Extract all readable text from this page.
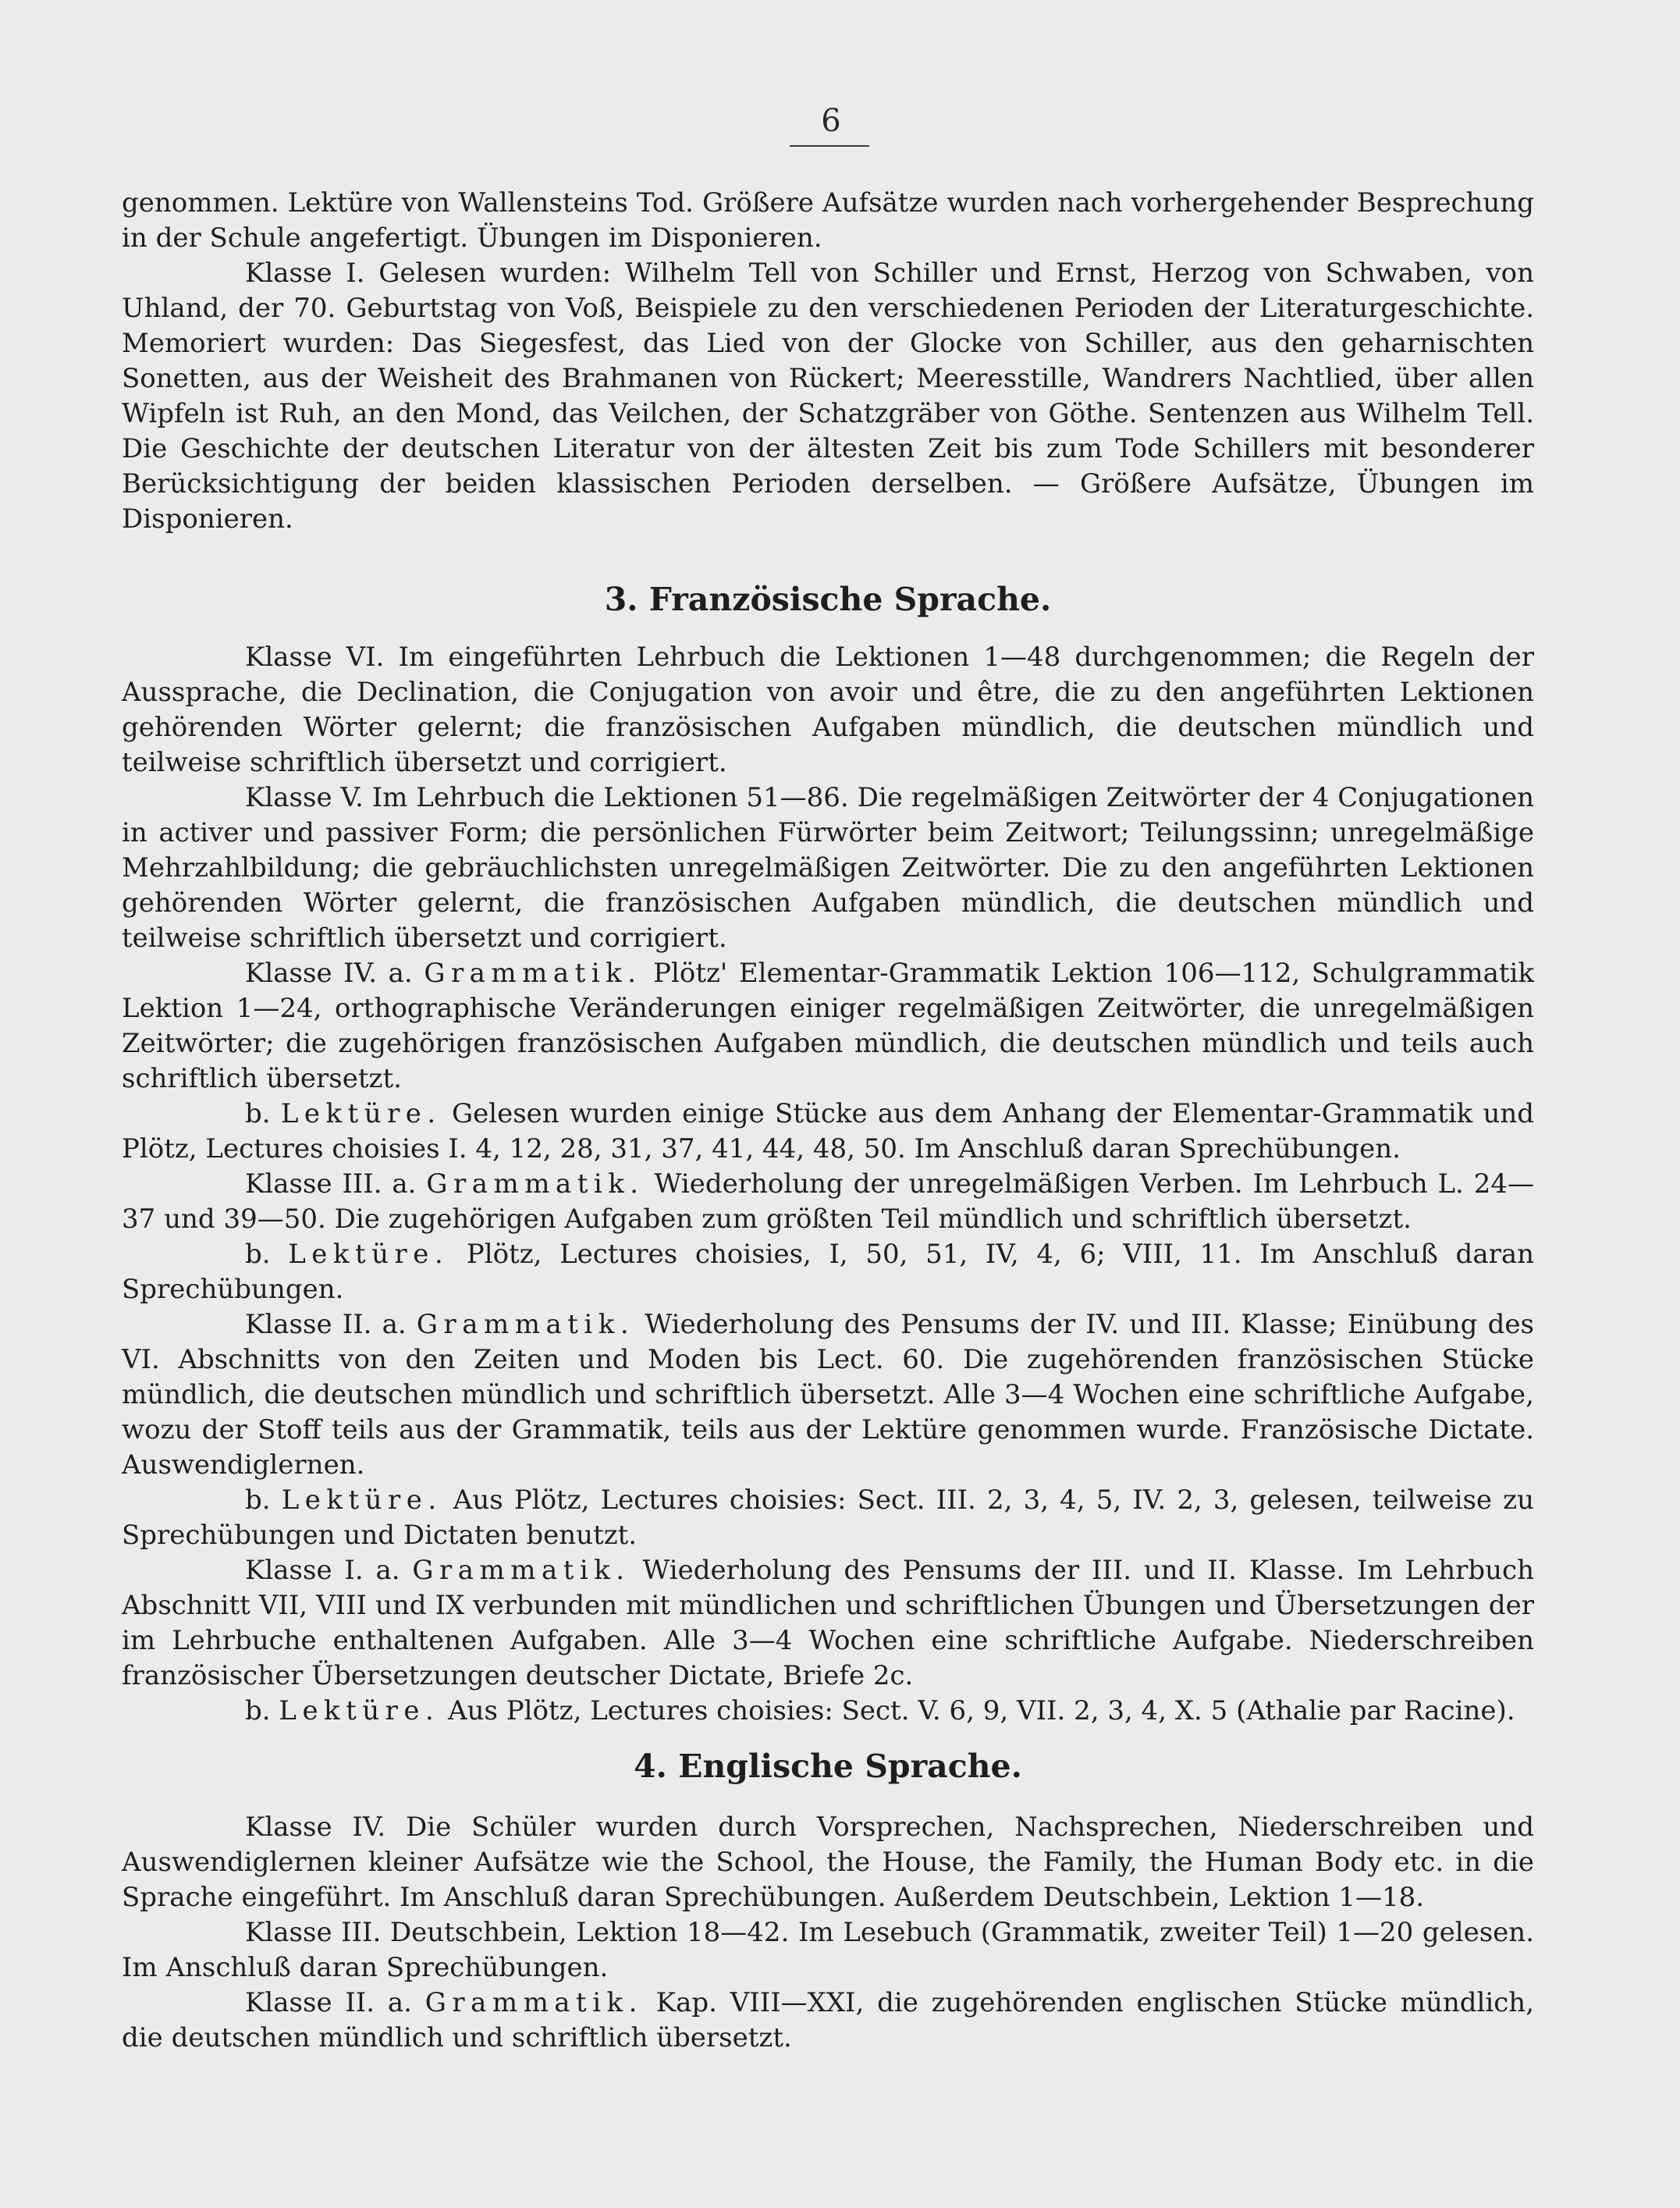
6

genommen. Lektüre von Wallensteins Tod. Größere Aufsätze wurden nach vorhergehender Besprechung in der Schule angefertigt. Übungen im Disponieren.

Klasse I. Gelesen wurden: Wilhelm Tell von Schiller und Ernst, Herzog von Schwaben, von Uhland, der 70. Geburtstag von Voß, Beispiele zu den verschiedenen Perioden der Literaturgeschichte. Memoriert wurden: Das Siegesfest, das Lied von der Glocke von Schiller, aus den geharnischten Sonetten, aus der Weisheit des Brahmanen von Rückert; Meeresstille, Wandrers Nachtlied, über allen Wipfeln ist Ruh, an den Mond, das Veilchen, der Schatzgräber von Göthe. Sentenzen aus Wilhelm Tell. Die Geschichte der deutschen Literatur von der ältesten Zeit bis zum Tode Schillers mit besonderer Berücksichtigung der beiden klassischen Perioden derselben. — Größere Aufsätze, Übungen im Disponieren.

3. Französische Sprache.

Klasse VI. Im eingeführten Lehrbuch die Lektionen 1—48 durchgenommen; die Regeln der Aussprache, die Declination, die Conjugation von avoir und être, die zu den angeführten Lektionen gehörenden Wörter gelernt; die französischen Aufgaben mündlich, die deutschen mündlich und teilweise schriftlich übersetzt und corrigiert.

Klasse V. Im Lehrbuch die Lektionen 51—86. Die regelmäßigen Zeitwörter der 4 Conjugationen in activer und passiver Form; die persönlichen Fürwörter beim Zeitwort; Teilungssinn; unregelmäßige Mehrzahlbildung; die gebräuchlichsten unregelmäßigen Zeitwörter. Die zu den angeführten Lektionen gehörenden Wörter gelernt, die französischen Aufgaben mündlich, die deutschen mündlich und teilweise schriftlich übersetzt und corrigiert.

Klasse IV. a. Grammatik. Plötz' Elementar-Grammatik Lektion 106—112, Schulgrammatik Lektion 1—24, orthographische Veränderungen einiger regelmäßigen Zeitwörter, die unregelmäßigen Zeitwörter; die zugehörigen französischen Aufgaben mündlich, die deutschen mündlich und teils auch schriftlich übersetzt.

b. Lektüre. Gelesen wurden einige Stücke aus dem Anhang der Elementar-Grammatik und Plötz, Lectures choisies I. 4, 12, 28, 31, 37, 41, 44, 48, 50. Im Anschluß daran Sprechübungen.

Klasse III. a. Grammatik. Wiederholung der unregelmäßigen Verben. Im Lehrbuch L. 24—37 und 39—50. Die zugehörigen Aufgaben zum größten Teil mündlich und schriftlich übersetzt.

b. Lektüre. Plötz, Lectures choisies, I, 50, 51, IV, 4, 6; VIII, 11. Im Anschluß daran Sprechübungen.

Klasse II. a. Grammatik. Wiederholung des Pensums der IV. und III. Klasse; Einübung des VI. Abschnitts von den Zeiten und Moden bis Lect. 60. Die zugehörenden französischen Stücke mündlich, die deutschen mündlich und schriftlich übersetzt. Alle 3—4 Wochen eine schriftliche Aufgabe, wozu der Stoff teils aus der Grammatik, teils aus der Lektüre genommen wurde. Französische Dictate. Auswendiglernen.

b. Lektüre. Aus Plötz, Lectures choisies: Sect. III. 2, 3, 4, 5, IV. 2, 3, gelesen, teilweise zu Sprechübungen und Dictaten benutzt.

Klasse I. a. Grammatik. Wiederholung des Pensums der III. und II. Klasse. Im Lehrbuch Abschnitt VII, VIII und IX verbunden mit mündlichen und schriftlichen Übungen und Übersetzungen der im Lehrbuche enthaltenen Aufgaben. Alle 3—4 Wochen eine schriftliche Aufgabe. Niederschreiben französischer Übersetzungen deutscher Dictate, Briefe 2c.

b. Lektüre. Aus Plötz, Lectures choisies: Sect. V. 6, 9, VII. 2, 3, 4, X. 5 (Athalie par Racine).

4. Englische Sprache.

Klasse IV. Die Schüler wurden durch Vorsprechen, Nachsprechen, Niederschreiben und Auswendiglernen kleiner Aufsätze wie the School, the House, the Family, the Human Body etc. in die Sprache eingeführt. Im Anschluß daran Sprechübungen. Außerdem Deutschbein, Lektion 1—18.

Klasse III. Deutschbein, Lektion 18—42. Im Lesebuch (Grammatik, zweiter Teil) 1—20 gelesen. Im Anschluß daran Sprechübungen.

Klasse II. a. Grammatik. Kap. VIII—XXI, die zugehörenden englischen Stücke mündlich, die deutschen mündlich und schriftlich übersetzt.
